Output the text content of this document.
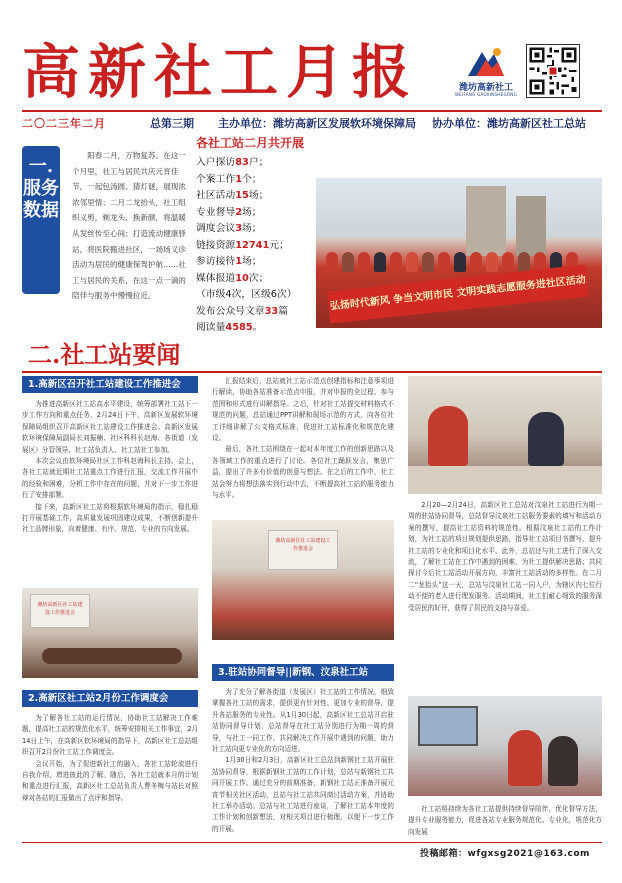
高新社工月报	潍坊高新社工
WEIFANG GAOXINSHEGONG
二〇二三年二月	总第三期 主办单位：潍坊高新区发展软环境保障局 协办单位：潍坊高新区社工总站
一.服务数据

阳春二月，万物复苏。在这一个月里，社工与居民共庆元宵佳节，一起包汤圆、猜灯谜，展现浓浓邻里情；二月二龙抬头，社工组织义剪，剃龙头、换新颜，将温暖从发丝传至心间；打造流动健康驿站，将医院搬进社区，一场场义诊活动为居民的健康保驾护航……社工与居民的关系，在这一点一滴的陪伴与服务中慢慢拉近。

各社工站二月共开展
入户探访83户；
个案工作1个；
社区活动15场；
专业督导2场；
调度会议3场；
链接资源12741元；
参访接待1场；
媒体报道10次；
（市级4次，区级6次）
发布公众号文章33篇
阅读量4585。
弘扬时代新风 争当文明市民 文明实践志愿服务进社区活动
二.社工站要闻
1.高新区召开社工站建设工作推进会

为推进高新区社工站高水平建设，统筹部署社工站下一步工作方向和重点任务，2月24日下午，高新区发展软环境保障局组织召开高新区社工站建设工作推进会。高新区发展软环境保障局副局长刘振楠、社区科科长赵海、各街道（发展区）分管领导、社工站负责人、社工站社工参加。

本次会议由软环境局社区工作科赵海科长主持。会上，各社工站就近期社工站重点工作进行汇报，交流工作开展中的经验和困难，分析工作中存在的问题，并对下一步工作进行了安排部署。

接下来，高新区社工站将根据软环境局的指示，稳扎稳打开展基础工作，高质量发展巩固建设成果，不断创新提升社工品牌形象，向着健康、有序、规范、专业的方向发展。

潍坊高新区社工站建设工作推进会
2.高新区社工站2月份工作调度会

为了解各社工站的运行情况，协助社工站解决工作难题，提高社工站的规范化水平，统筹安排相关工作事宜，2月14日上午，在高新区软环境局的指导下，高新区社工总站组织召开2月份社工站工作调度会。

会议开始，为了促进新社工的融入，各社工站轮流进行自我介绍，增进彼此的了解。随后，各社工站就本月的计划和重点进行汇报，高新区社工总站负责人曹冬梅与站长对照辩对各站的汇报做出了点评和指导。

汇报结束后，总站就社工站示范点创建指标和注意事项进行解读，协助各站准备示范点申报，并对申报的全过程、参与范围和形式进行讲解指导。之后，针对社工站提交材料格式不规范的问题，总站通过PPT讲解和现场示范的方式，向各位社工详细讲解了公文格式标准，促进社工站标准化和规范化建设。

最后，各社工站围绕在一起对本年度工作的创新思路以及各领域工作的重点进行了讨论。各位社工踊跃发言，集思广益，提出了许多有价值的创意与想法。在之后的工作中，社工站会努力将想法落实到行动中去，不断提高社工站的服务能力与水平。

潍坊高新区社工站建设工作推进会
3.驻站协同督导||新钢、汶泉社工站

为了充分了解各街道（发展区）社工站的工作情况，细致掌握各社工站的需求，提供更有针对性、更加专业的督导，提升各站服务的专业性。从1月30日起，高新区社工总站开启驻站协同督导计划，总站督导在社工站分别进行为期一周的督导，与社工一同工作，共同解决工作开展中遇到的问题，助力社工站向更专业化的方向迈进。

1月30日和2月3日，高新区社工总站到新钢社工站开展驻站协同督导，根据新钢社工站的工作计划，总站与新钢社工共同开展工作。通过充分的前期准备，新钢社工站正准备开展元宵节相关社区活动，总站与社工站共同商讨活动方案，并协助社工举办活动。总站与社工站进行座谈，了解社工站本年度的工作计划和创新想法，对相关项目进行梳理，以便下一步工作的开展。

2月20—2月24日，高新区社工总站对汶泉社工站进行为期一周的驻站协同督导，总站督导汶泉社工站服务要素的填写和活动方案的撰写，提高社工站资料的规范性。根据汶泉社工站的工作计划，为社工站的项目规划提供思路，指导社工站项目书撰写，提升社工站的专业化和项目化水平。此外，总站还与社工进行了深入交流，了解社工站在工作中遇到的困难，为社工提供解决思路；共同探讨今后社工站活动开展方向，丰富社工站活动的多样性。在二月二“龙抬头”这一天，总站与汶泉社工站一同入户，为辖区内七位行动不便的老人进行理发服务。活动期间，社工们耐心细致的服务深受居民的好评，获得了居民的支持与喜爱。

社工站将持续为各社工站提供持续督导陪伴，优化督导方法，提升专业服务能力，促进各站专业服务规范化、专业化，规范化方向发展

投稿邮箱：wfgxsg2021@163.com
